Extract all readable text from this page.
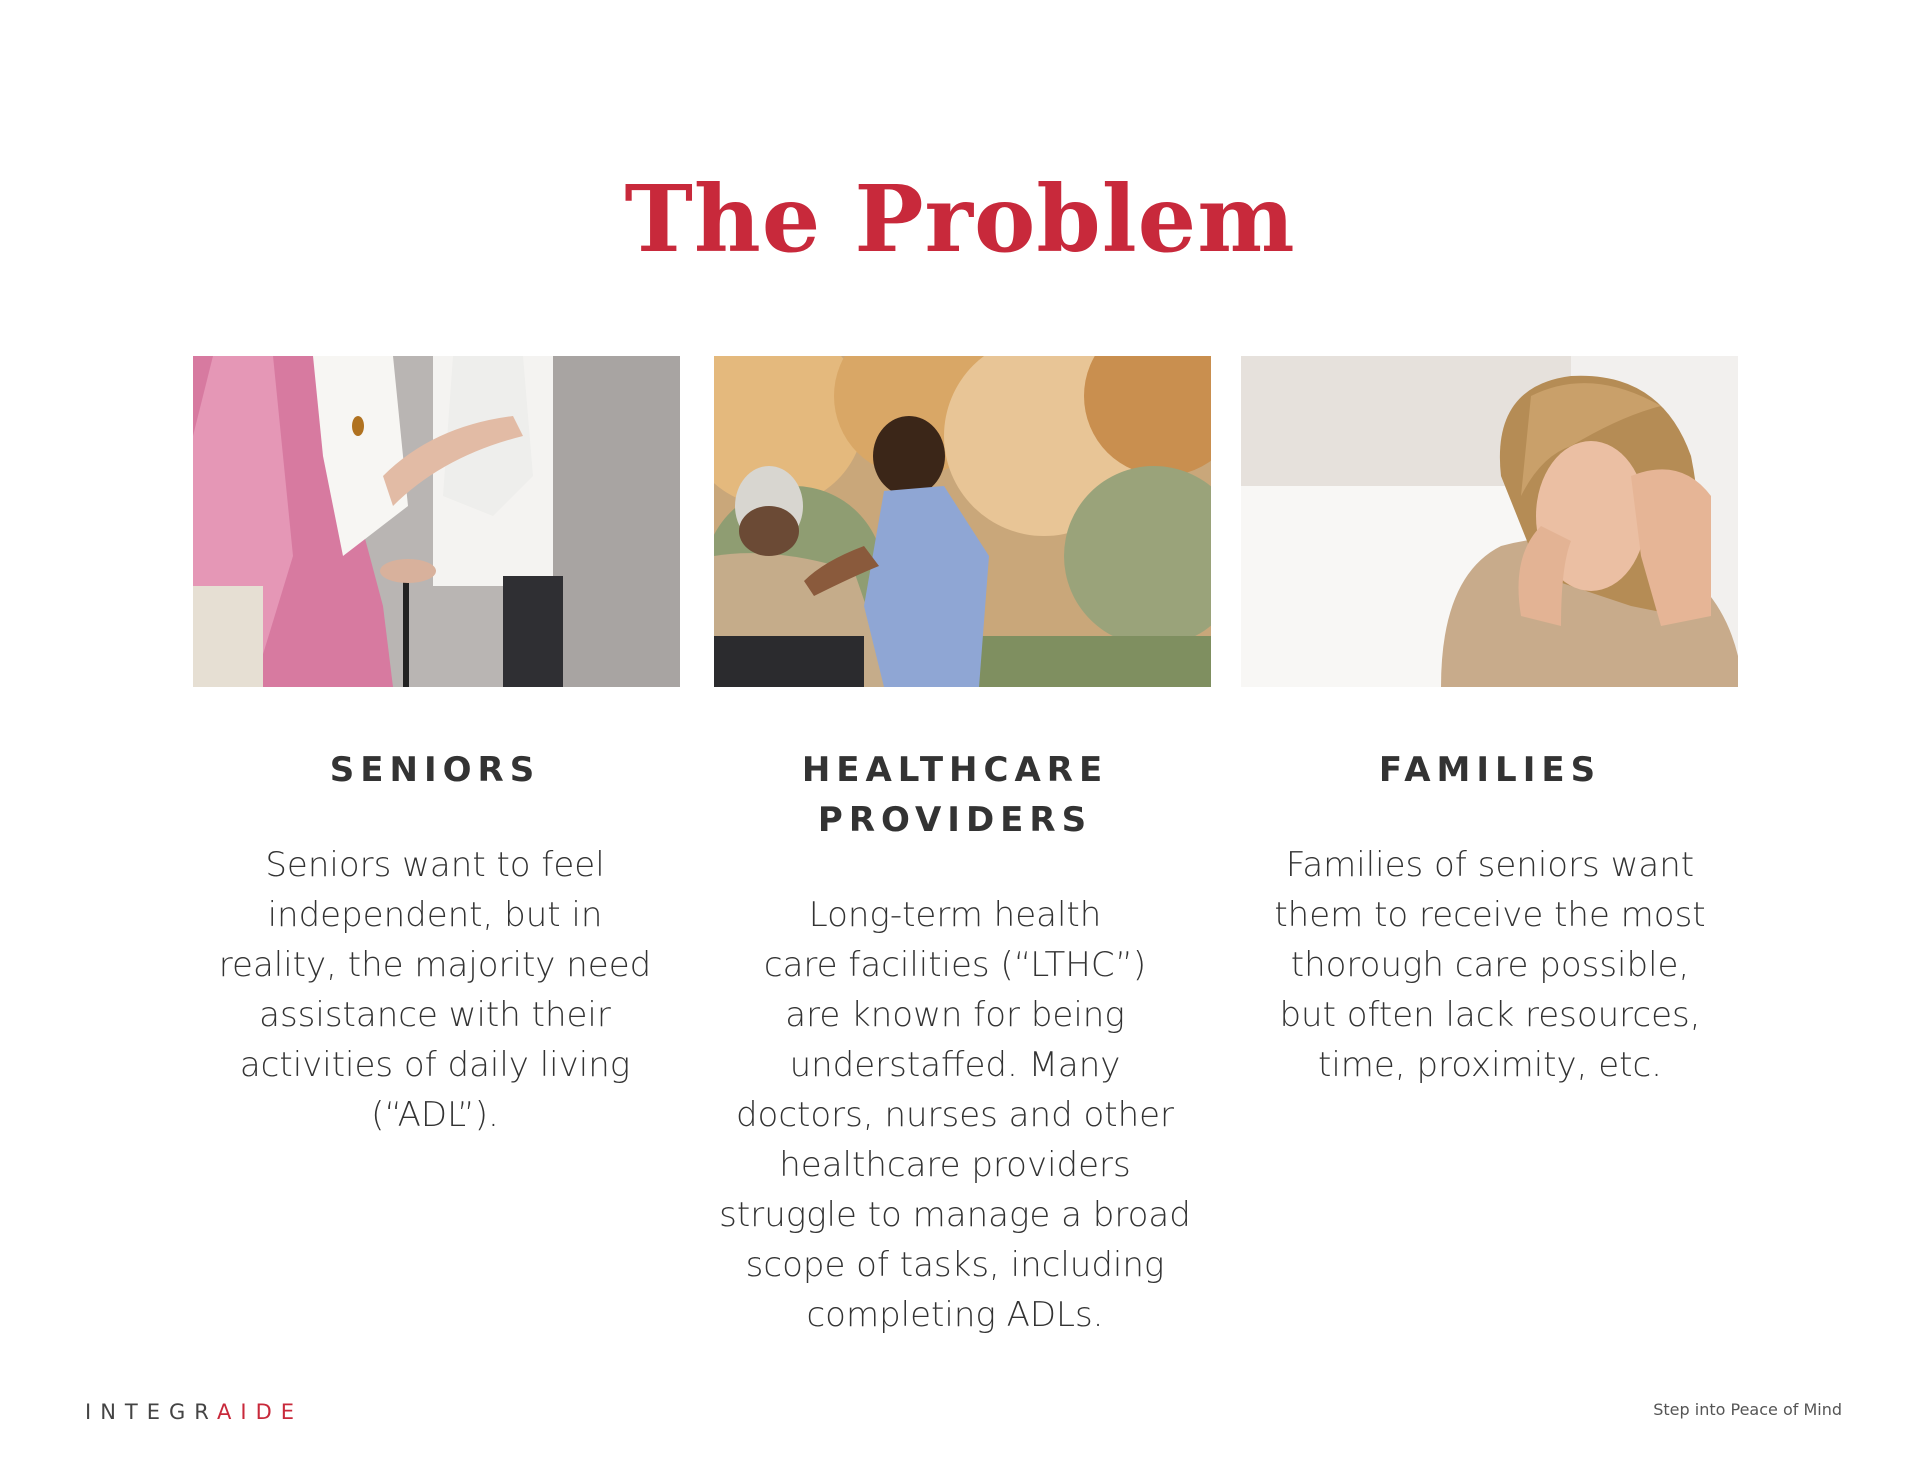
The Problem
SENIORS	HEALTHCARE
PROVIDERS
FAMILIES

Seniors want to feel
independent, but in
reality, the majority need
assistance with their
activities of daily living
(“ADL”).

Long-term health
care facilities (“LTHC”)
are known for being
understaffed. Many
doctors, nurses and other
healthcare providers
struggle to manage a broad
scope of tasks, including
completing ADLs.

Families of seniors want
them to receive the most
thorough care possible,
but often lack resources,
time, proximity, etc.

INTEGRAIDE	Step into Peace of Mind
